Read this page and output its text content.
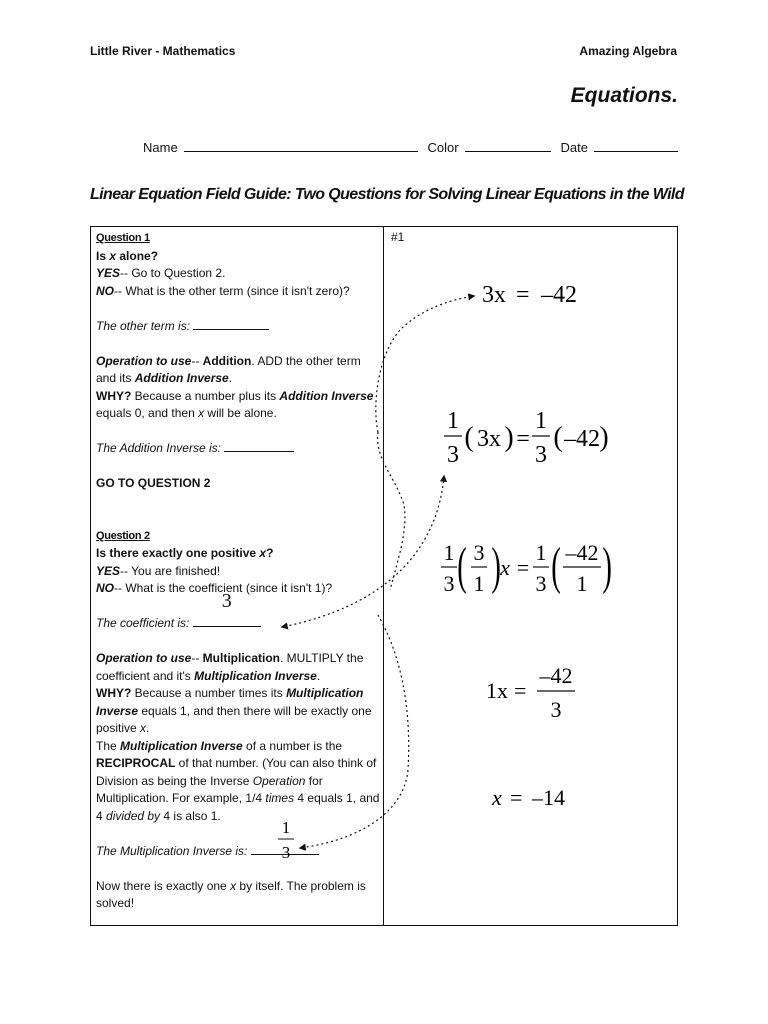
Little River - Mathematics	Amazing Algebra
Equations.
Name	Color	Date
Linear Equation Field Guide: Two Questions for Solving Linear Equations in the Wild
#1

Question 1

Is x alone?

YES-- Go to Question 2.

NO-- What is the other term (since it isn't zero)?

The other term is:

Operation to use-- Addition. ADD the other term and its Addition Inverse.

WHY? Because a number plus its Addition Inverse equals 0, and then x will be alone.

The Addition Inverse is:

GO TO QUESTION 2

Question 2

Is there exactly one positive x?

YES-- You are finished!

NO-- What is the coefficient (since it isn't 1)?

The coefficient is:
3

Operation to use-- Multiplication. MULTIPLY the coefficient and it's Multiplication Inverse.

WHY? Because a number times its Multiplication Inverse equals 1, and then there will be exactly one positive x.

The Multiplication Inverse of a number is the RECIPROCAL of that number. (You can also think of Division as being the Inverse Operation for Multiplication. For example, 1/4 times 4 equals 1, and 4 divided by 4 is also 1.

The Multiplication Inverse is:

Now there is exactly one x by itself. The problem is solved!

1
3
3x = –42
1
3
( 3x ) =
1
3
( –42 )
1
3 ( 3
1 ) x =
1
3 ( –42
1 )
1x =
–42
3
x = –14
